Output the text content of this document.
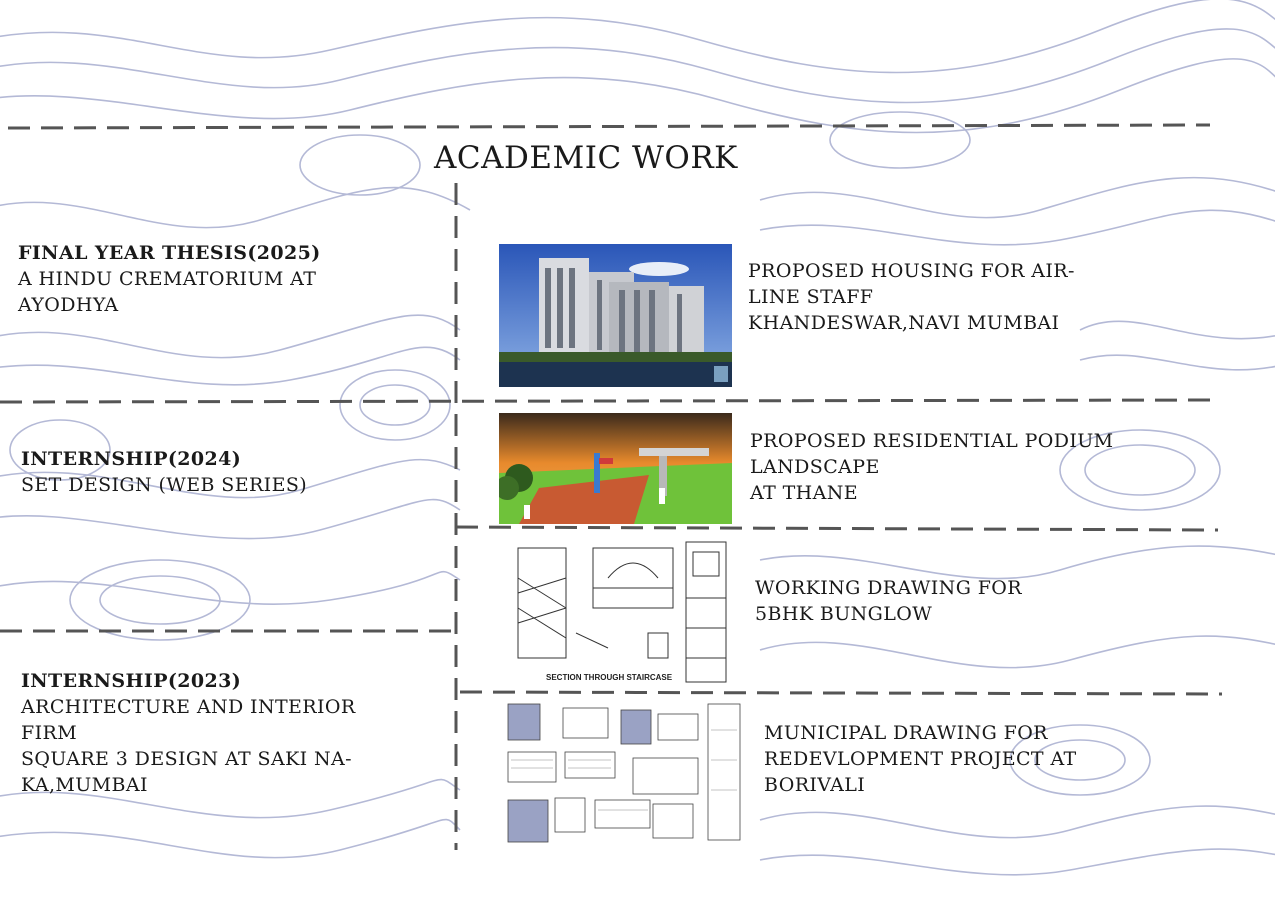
ACADEMIC WORK
FINAL YEAR THESIS(2025)
A HINDU CREMATORIUM AT
AYODHYA
INTERNSHIP(2024)
SET DESIGN (WEB SERIES)
INTERNSHIP(2023)
ARCHITECTURE AND INTERIOR
FIRM
SQUARE 3 DESIGN AT SAKI NA-
KA,MUMBAI
PROPOSED HOUSING FOR AIR-
LINE STAFF
KHANDESWAR,NAVI MUMBAI
PROPOSED RESIDENTIAL PODIUM
LANDSCAPE
AT THANE
SECTION THROUGH STAIRCASE
WORKING DRAWING FOR
5BHK BUNGLOW
MUNICIPAL DRAWING FOR
REDEVLOPMENT PROJECT AT
BORIVALI
